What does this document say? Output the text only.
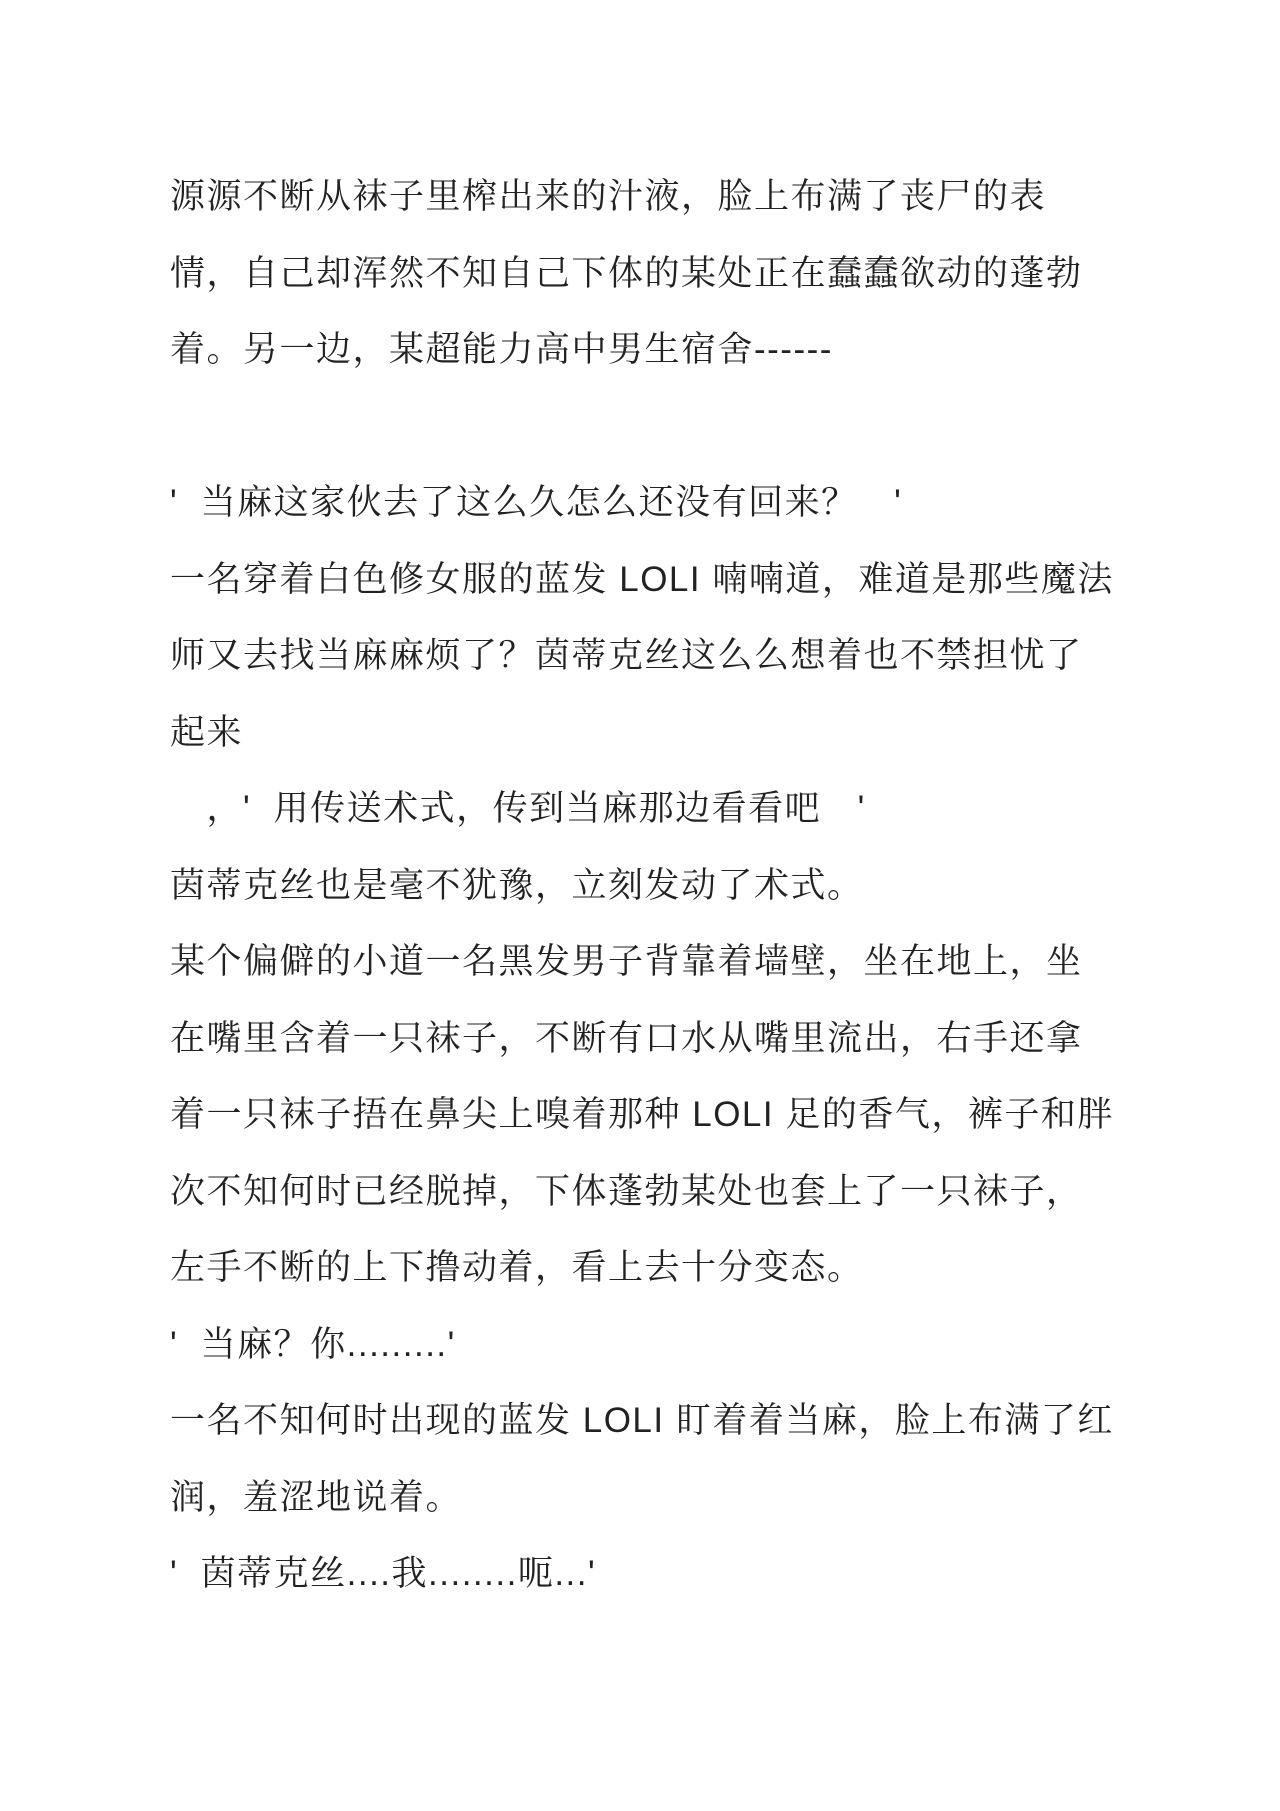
源源不断从袜子里榨出来的汁液，脸上布满了丧尸的表
情，自己却浑然不知自己下体的某处正在蠢蠢欲动的蓬勃
着。另一边，某超能力高中男生宿舍------
'  当麻这家伙去了这么久怎么还没有回来？　'
一名穿着白色修女服的蓝发 LOLI 喃喃道，难道是那些魔法
师又去找当麻麻烦了？茵蒂克丝这么么想着也不禁担忧了
起来
　，'  用传送术式，传到当麻那边看看吧　'
茵蒂克丝也是毫不犹豫，立刻发动了术式。
某个偏僻的小道一名黑发男子背靠着墙壁，坐在地上，坐
在嘴里含着一只袜子，不断有口水从嘴里流出，右手还拿
着一只袜子捂在鼻尖上嗅着那种 LOLI 足的香气，裤子和胖
次不知何时已经脱掉，下体蓬勃某处也套上了一只袜子，
左手不断的上下撸动着，看上去十分变态。
'  当麻？你.........'
一名不知何时出现的蓝发 LOLI 盯着着当麻，脸上布满了红
润，羞涩地说着。
'  茵蒂克丝....我........呃...'
